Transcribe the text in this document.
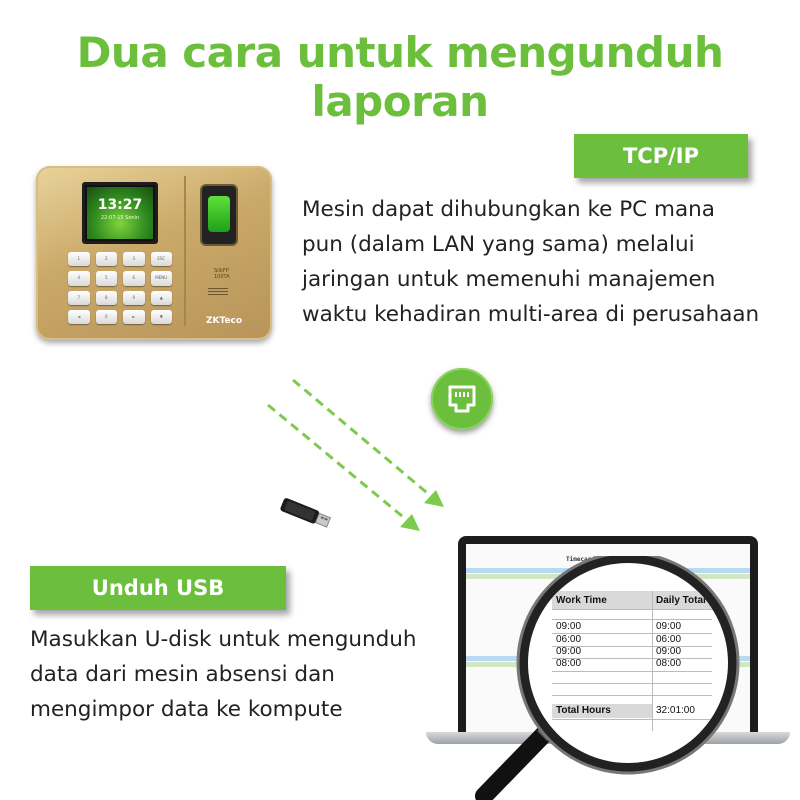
Dua cara untuk mengunduh laporan
TCP/IP
Mesin dapat dihubungkan ke PC mana
pun (dalam LAN yang sama) melalui
jaringan untuk memenuhi manajemen
waktu kehadiran multi-area di perusahaan
13:27
22-07-15 Senin
1	2	3	ESC
4	5	6	MENU
7	8	9	▲
◄	0	►	▼
SilkFP
100TA
ZKTeco
Unduh USB
Masukkan U-disk untuk mengunduh
data dari mesin absensi dan
mengimpor data ke kompute
Timecard Re
Work Time	Daily Total
09:00	09:00
06:00	06:00
09:00	09:00
08:00	08:00
Total Hours	32:01:00
